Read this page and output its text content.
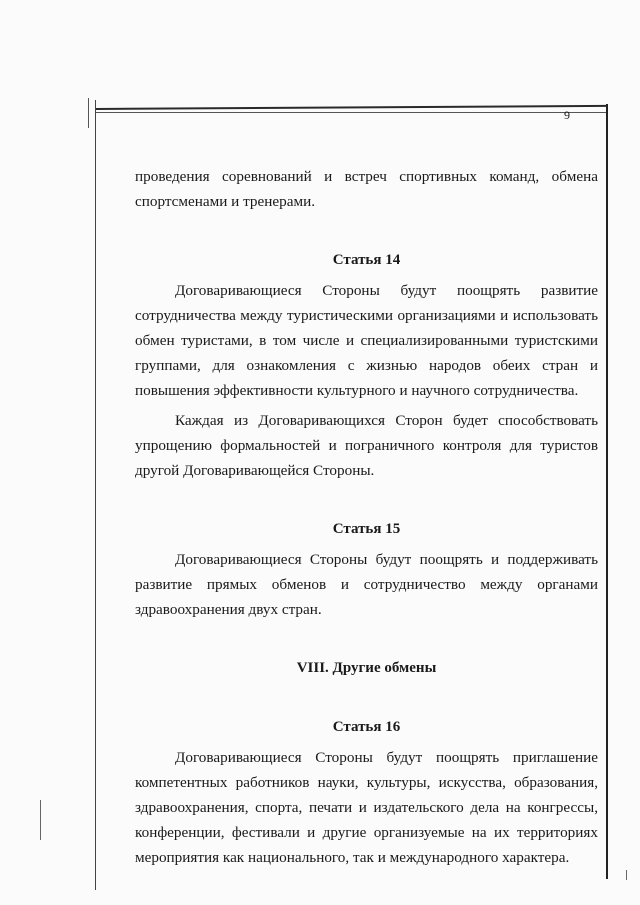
9

проведения соревнований и встреч спортивных команд, обмена спортсменами и тренерами.

Статья 14

Договаривающиеся Стороны будут поощрять развитие сотрудничества между туристическими организациями и использовать обмен туристами, в том числе и специализированными туристскими группами, для ознакомления с жизнью народов обеих стран и повышения эффективности культурного и научного сотрудничества.

Каждая из Договаривающихся Сторон будет способствовать упрощению формальностей и пограничного контроля для туристов другой Договаривающейся Стороны.

Статья 15

Договаривающиеся Стороны будут поощрять и поддерживать развитие прямых обменов и сотрудничество между органами здравоохранения двух стран.

VIII. Другие обмены

Статья 16

Договаривающиеся Стороны будут поощрять приглашение компетентных работников науки, культуры, искусства, образования, здравоохранения, спорта, печати и издательского дела на конгрессы, конференции, фестивали и другие организуемые на их территориях мероприятия как национального, так и международного характера.
